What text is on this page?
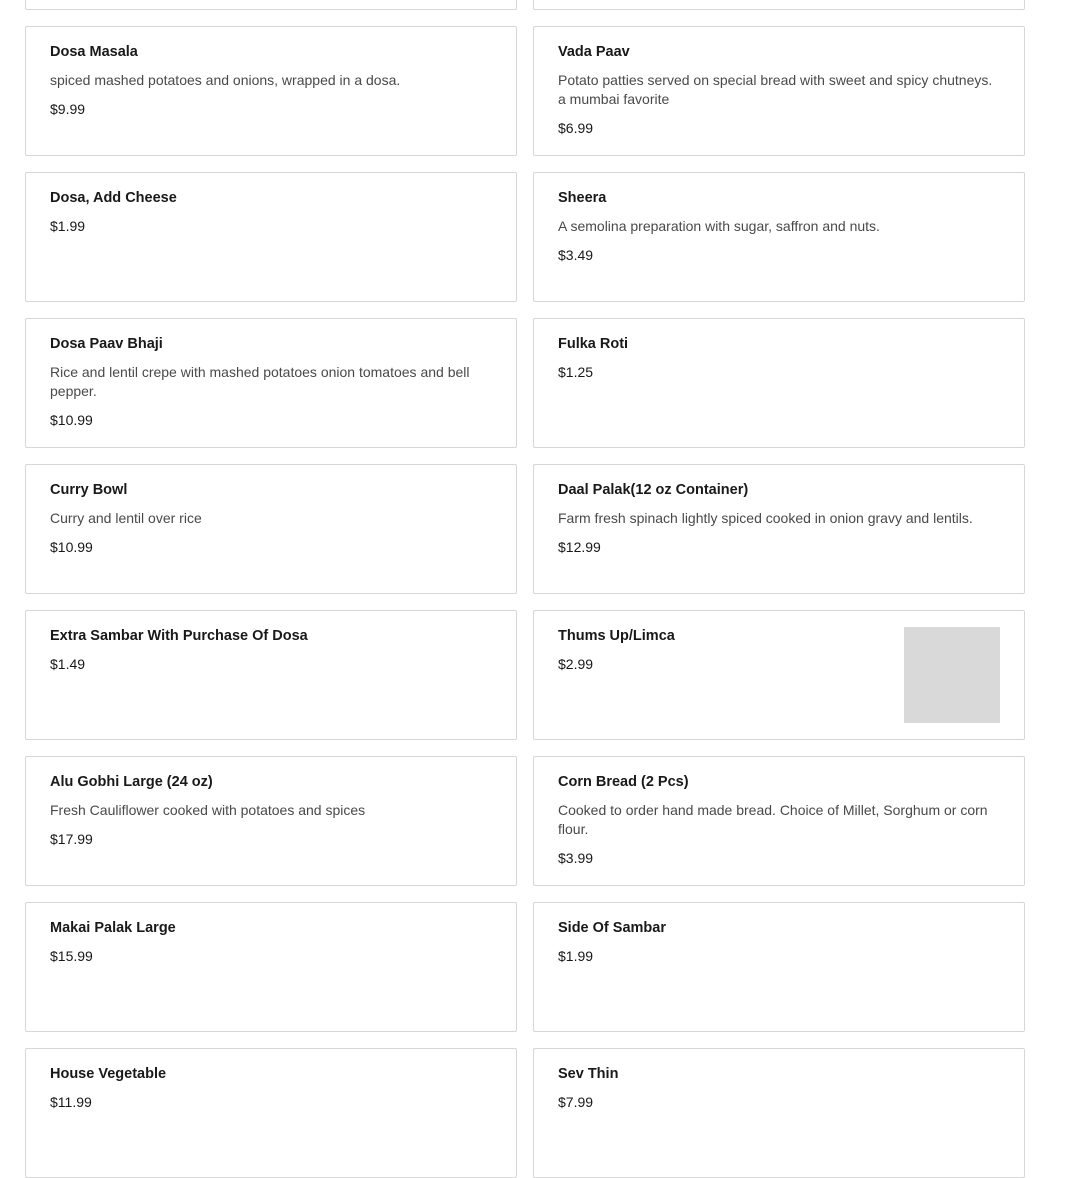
Dosa Masala
spiced mashed potatoes and onions, wrapped in a dosa.
$9.99
Vada Paav
Potato patties served on special bread with sweet and spicy chutneys. a mumbai favorite
$6.99
Dosa, Add Cheese
$1.99
Sheera
A semolina preparation with sugar, saffron and nuts.
$3.49
Dosa Paav Bhaji
Rice and lentil crepe with mashed potatoes onion tomatoes and bell pepper.
$10.99
Fulka Roti
$1.25
Curry Bowl
Curry and lentil over rice
$10.99
Daal Palak(12 oz Container)
Farm fresh spinach lightly spiced cooked in onion gravy and lentils.
$12.99
Extra Sambar With Purchase Of Dosa
$1.49
Thums Up/Limca
$2.99
Alu Gobhi Large (24 oz)
Fresh Cauliflower cooked with potatoes and spices
$17.99
Corn Bread (2 Pcs)
Cooked to order hand made bread. Choice of Millet, Sorghum or corn flour.
$3.99
Makai Palak Large
$15.99
Side Of Sambar
$1.99
House Vegetable
$11.99
Sev Thin
$7.99
